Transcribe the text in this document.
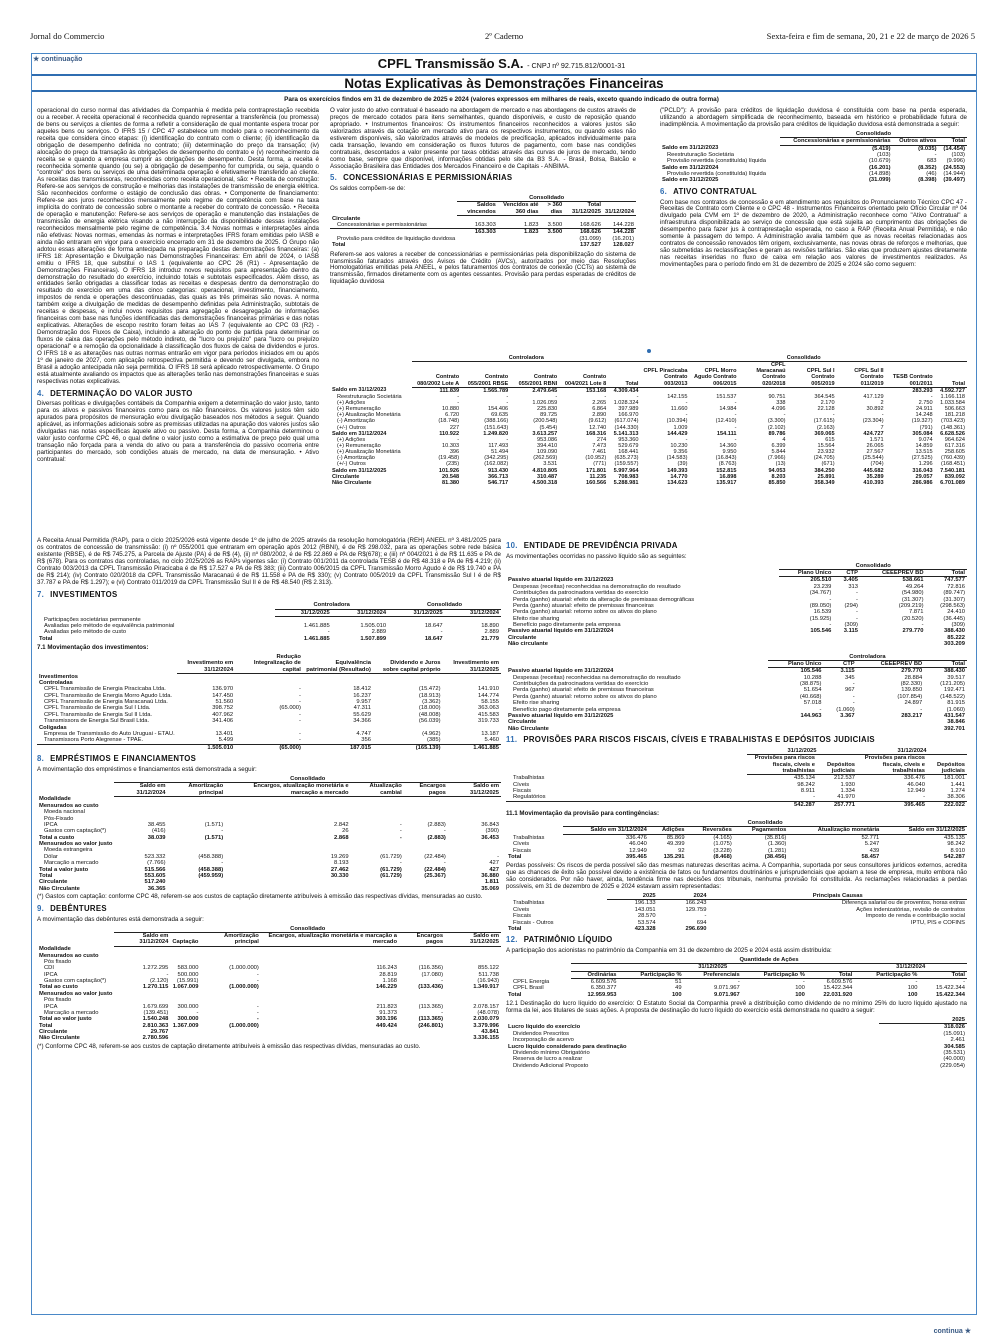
Jornal do Commercio	2º Caderno	Sexta-feira e fim de semana, 20, 21 e 22 de março de 2026 5
★ continuação	CPFL Transmissão S.A. - CNPJ nº 92.715.812/0001-31
Notas Explicativas às Demonstrações Financeiras
Para os exercícios findos em 31 de dezembro de 2025 e 2024 (valores expressos em milhares de reais, exceto quando indicado de outra forma)

operacional do curso normal das atividades da Companhia é medida pela contraprestação recebida ou a receber. A receita operacional é reconhecida quando representar a transferência (ou promessa) de bens ou serviços a clientes de forma a refletir a consideração de qual montante espera trocar por aqueles bens ou serviços. O IFRS 15 / CPC 47 estabelece um modelo para o reconhecimento da receita que considera cinco etapas: (i) identificação do contrato com o cliente; (ii) identificação da obrigação de desempenho definida no contrato; (iii) determinação do preço da transação; (iv) alocação do preço da transação às obrigações de desempenho do contrato e (v) reconhecimento da receita se e quando a empresa cumprir as obrigações de desempenho. Desta forma, a receita é reconhecida somente quando (ou se) a obrigação de desempenho for cumprida, ou seja, quando o "controle" dos bens ou serviços de uma determinada operação é efetivamente transferido ao cliente. As receitas das transmissoras, reconhecidas como receita operacional, são: • Receita de construção: Refere-se aos serviços de construção e melhorias das instalações de transmissão de energia elétrica. São reconhecidos conforme o estágio de conclusão das obras. • Componente de financiamento: Refere-se aos juros reconhecidos mensalmente pelo regime de competência com base na taxa implícita do contrato de concessão sobre o montante a receber do contrato de concessão. • Receita de operação e manutenção: Refere-se aos serviços de operação e manutenção das instalações de transmissão de energia elétrica visando a não interrupção da disponibilidade dessas instalações reconhecidos mensalmente pelo regime de competência. 3.4 Novas normas e interpretações ainda não efetivas: Novas normas, emendas às normas e interpretações IFRS foram emitidas pelo IASB e ainda não entraram em vigor para o exercício encerrado em 31 de dezembro de 2025. O Grupo não adotou essas alterações de forma antecipada na preparação destas demonstrações financeiras: (a) IFRS 18: Apresentação e Divulgação nas Demonstrações Financeiras: Em abril de 2024, o IASB emitiu o IFRS 18, que substitui o IAS 1 (equivalente ao CPC 26 (R1) - Apresentação de Demonstrações Financeiras). O IFRS 18 introduz novos requisitos para apresentação dentro da demonstração do resultado do exercício, incluindo totais e subtotais especificados. Além disso, as entidades serão obrigadas a classificar todas as receitas e despesas dentro da demonstração do resultado do exercício em uma das cinco categorias: operacional, investimento, financiamento, impostos de renda e operações descontinuadas, das quais as três primeiras são novas. A norma também exige a divulgação de medidas de desempenho definidas pela Administração, subtotais de receitas e despesas, e inclui novos requisitos para agregação e desagregação de informações financeiras com base nas funções identificadas das demonstrações financeiras primárias e das notas explicativas. Alterações de escopo restrito foram feitas ao IAS 7 (equivalente ao CPC 03 (R2) - Demonstração dos Fluxos de Caixa), incluindo a alteração do ponto de partida para determinar os fluxos de caixa das operações pelo método indireto, de "lucro ou prejuízo" para "lucro ou prejuízo operacional" e a remoção da opcionalidade à classificação dos fluxos de caixa de dividendos e juros. O IFRS 18 e as alterações nas outras normas entrarão em vigor para períodos iniciados em ou após 1º de janeiro de 2027, com aplicação retrospectiva permitida e devendo ser divulgada, embora no Brasil a adoção antecipada não seja permitida. O IFRS 18 será aplicado retrospectivamente. O Grupo está atualmente avaliando os impactos que as alterações terão nas demonstrações financeiras e suas respectivas notas explicativas.

4. DETERMINAÇÃO DO VALOR JUSTO

Diversas políticas e divulgações contábeis da Companhia exigem a determinação do valor justo, tanto para os ativos e passivos financeiros como para os não financeiros. Os valores justos têm sido apurados para propósitos de mensuração e/ou divulgação baseados nos métodos a seguir. Quando aplicável, as informações adicionais sobre as premissas utilizadas na apuração dos valores justos são divulgadas nas notas específicas àquele ativo ou passivo. Desta forma, a Companhia determinou o valor justo conforme CPC 46, o qual define o valor justo como a estimativa de preço pelo qual uma transação não forçada para a venda do ativo ou para a transferência do passivo ocorreria entre participantes do mercado, sob condições atuais de mercado, na data de mensuração. • Ativo contratual:

O valor justo do ativo contratual é baseado na abordagem de mercado e nas abordagens de custos através de preços de mercado cotados para itens semelhantes, quando disponíveis, e custo de reposição quando apropriado. • Instrumentos financeiros: Os instrumentos financeiros reconhecidos a valores justos são valorizados através da cotação em mercado ativo para os respectivos instrumentos, ou quando estes não estiverem disponíveis, são valorizados através de modelos de precificação, aplicados individualmente para cada transação, levando em consideração os fluxos futuros de pagamento, com base nas condições contratuais, descontados a valor presente por taxas obtidas através das curvas de juros de mercado, tendo como base, sempre que disponível, informações obtidas pelo site da B3 S.A. - Brasil, Bolsa, Balcão e Associação Brasileira das Entidades dos Mercados Financeiro e de Capitais - ANBIMA.

5. CONCESSIONÁRIAS E PERMISSIONÁRIAS

Os saldos compõem-se de:

	Consolidado				
	Saldos vincendos	Vencidos até 360 dias	> 360 dias	Total 31/12/2025	31/12/2024
Circulante					
Concessionárias e permissionárias	163.303	1.823	3.500	168.626	144.228
	163.303	1.823	3.500	168.626	144.228
Provisão para créditos de liquidação duvidosa				(31.099)	(16.201)
Total				137.527	128.027

Referem-se aos valores a receber de concessionárias e permissionárias pela disponibilização do sistema de transmissão faturados através dos Avisos de Crédito (AVCs), autorizados por meio das Resoluções Homologatórias emitidas pela ANEEL, e pelos faturamentos dos contratos de conexão (CCTs) ao sistema de transmissão, firmados diretamente com os agentes cessantes. Provisão para perdas esperadas de créditos de liquidação duvidosa

("PCLD"): A provisão para créditos de liquidação duvidosa é constituída com base na perda esperada, utilizando a abordagem simplificada de reconhecimento, baseada em histórico e probabilidade futura de inadimplência. A movimentação da provisão para créditos de liquidação duvidosa está demonstrada a seguir:

	Consolidado		
	Concessionárias e permissionárias	Outros ativos	Total
Saldo em 31/12/2023	(5.419)	(9.035)	(14.454)
Reestruturação Societária	(103)	-	(103)
Provisão revertida (constituída) líquida	(10.679)	683	(9.996)
Saldo em 31/12/2024	(16.201)	(8.352)	(24.553)
Provisão revertida (constituída) líquida	(14.898)	(46)	(14.944)
Saldo em 31/12/2025	(31.099)	(8.398)	(39.497)
6. ATIVO CONTRATUAL

Com base nos contratos de concessão e em atendimento aos requisitos do Pronunciamento Técnico CPC 47 - Receitas de Contrato com Cliente e o CPC 48 - Instrumentos Financeiros orientado pelo Ofício Circular nº 04 divulgado pela CVM em 1º de dezembro de 2020, a Administração reconhece como "Ativo Contratual" a infraestrutura disponibilizada ao serviço de concessão que está sujeita ao cumprimento das obrigações de desempenho para fazer jus à contraprestação esperada, no caso a RAP (Receita Anual Permitida), e não somente à passagem do tempo. A Administração avalia também que as novas receitas relacionadas aos contratos de concessão renovados têm origem, exclusivamente, nas novas obras de reforços e melhorias, que são submetidas às reclassificações e geram as revisões tarifárias. São elas que produzem ajustes diretamente nas receitas inseridas no fluxo de caixa em relação aos valores de investimentos realizados. As movimentações para o período findo em 31 de dezembro de 2025 e 2024 são como seguem:

	Controladora					Consolidado						
	Contrato 080/2002 Lote A	Contrato 055/2001 RBSE	Contrato 055/2001 RBNI	Contrato 004/2021 Lote 8	Total	CPFL Piracicaba Contrato 003/2013	CPFL Morro Agudo Contrato 006/2015	CPFL Maracanaú Contrato 020/2018	CPFL Sul I Contrato 005/2019	CPFL Sul II Contrato 011/2019	TESB Contrato 001/2011	Total
Saldo em 31/12/2023	111.839	1.565.789	2.479.645	153.168	4.309.434						283.293	4.592.727
Reestruturação Societária	-	-	-	-	-	142.155	151.537	90.751	364.545	417.129	-	1.166.118
(+) Adições	-	-	1.026.059	2.265	1.028.324	-	-	338	2.170	2	2.750	1.033.584
(+) Remuneração	10.880	154.406	225.830	6.864	397.989	11.660	14.984	4.096	22.128	30.892	24.911	506.663
(+) Atualização Monetária	6.720	69.635	89.725	2.890	166.970	-	-	-	-	-	14.248	181.218
(-) Amortização	(18.748)	(388.166)	(200.548)	(9.612)	(617.074)	(10.394)	(12.410)	(3.300)	(17.615)	(23.304)	(19.327)	(703.423)
(+/-) Outros	227	(151.643)	(5.454)	12.740	(144.330)	1.009	-	(2.102)	(2.163)	7	(791)	(148.361)
Saldo em 31/12/2024	110.922	1.249.820	3.613.257	168.316	5.141.313	144.429	154.111	89.786	369.065	424.727	305.084	6.628.526
(+) Adições	-	-	953.086	274	953.360	-	-	4	615	1.571	9.074	964.624
(+) Remuneração	10.303	117.493	394.410	7.473	529.679	10.230	14.360	6.399	15.564	26.065	14.859	617.316
(+) Atualização Monetária	396	51.494	109.090	7.461	168.441	9.356	9.950	5.844	23.932	27.567	13.515	258.605
(-) Amortização	(19.458)	(342.295)	(262.569)	(10.952)	(635.273)	(14.583)	(16.843)	(7.966)	(24.705)	(25.544)	(27.525)	(760.439)
(+/-) Outros	(235)	(162.082)	3.531	(771)	(159.557)	(39)	(8.763)	(13)	(671)	(704)	1.296	(168.451)
Saldo em 31/12/2025	101.926	913.430	4.810.805	171.801	5.997.964	149.393	152.815	94.053	384.250	445.682	316.043	7.540.181
Circulante	20.548	366.713	310.487	11.235	708.983	14.770	16.898	8.203	25.891	35.289	29.057	839.092
Não Circulante	81.380	546.717	4.500.318	160.566	5.288.981	134.623	135.917	85.850	358.349	410.393	286.986	6.701.089

A Receita Anual Permitida (RAP), para o ciclo 2025/2026 está vigente desde 1º de julho de 2025 através da resolução homologatória (REH) ANEEL nº 3.481/2025 para os contratos de concessão de transmissão: (i) nº 055/2001 que entraram em operação após 2012 (RBNI), é de R$ 298.032, para as operações sobre rede básica existente (RBSE), é de R$ 745.275, a Parcela de Ajuste (PA) é de R$ (4), (ii) nº 080/2002, é de R$ 22.869 e PA de R$(678); e (iii) nº 004/2021 é de R$ 11.635 e PA de R$ (678). Para os contratos das controladas, no ciclo 2025/2026 as RAPs vigentes são: (i) Contrato 001/2011 da controlada TESB é de R$ 48.318 e PA de R$ 4.219; (ii) Contrato 003/2013 da CPFL Transmissão Piracicaba é de R$ 17.527 e PA de R$ 383; (iii) Contrato 006/2015 da CPFL Transmissão Morro Agudo é de R$ 19.740 e PA de R$ 214); (iv) Contrato 020/2018 da CPFL Transmissão Maracanaú é de R$ 11.558 e PA de R$ 330); (v) Contrato 005/2019 da CPFL Transmissão Sul I é de R$ 37.787 e PA de R$ 1.297); e (vi) Contrato 011/2019 da CPFL Transmissão Sul II é de R$ 48.540 (R$ 2.313).

7. INVESTIMENTOS
	Controladora		Consolidado	
	31/12/2025	31/12/2024	31/12/2025	31/12/2024
Participações societárias permanente				
Avaliadas pelo método de equivalência patrimonial	1.461.885	1.505.010	18.647	18.890
Avaliadas pelo método de custo	-	2.889	-	2.889
Total	1.461.885	1.507.899	18.647	21.779
7.1 Movimentação dos investimentos:
	Investimento em 31/12/2024	Redução Integralização de capital	Equivalência patrimonial (Resultado)	Dividendo e Juros sobre capital próprio	Investimento em 31/12/2025
Investimentos					
Controladas					
CPFL Transmissão de Energia Piracicaba Ltda.	136.970	-	18.412	(15.472)	141.910
CPFL Transmissão de Energia Morro Agudo Ltda.	147.450	-	16.237	(18.913)	144.774
CPFL Transmissão de Energia Maracanaú Ltda.	51.560	-	9.957	(3.362)	58.155
CPFL Transmissão de Energia Sul I Ltda.	398.752	(65.000)	47.311	(18.000)	363.063
CPFL Transmissão de Energia Sul II Ltda.	407.962	-	55.629	(48.008)	415.583
Transmissora de Energia Sul Brasil Ltda.	341.406	-	34.366	(56.039)	319.733
Coligadas					
Empresa de Transmissão do Auto Uruguai - ETAU.	13.401	-	4.747	(4.962)	13.187
Transmissora Porto Alegrense - TPAE.	5.499	-	356	(385)	5.460
	1.505.010	(65.000)	187.015	(165.139)	1.461.885
8. EMPRÉSTIMOS E FINANCIAMENTOS

A movimentação dos empréstimos e financiamentos está demonstrada a seguir:

	Consolidado					
	Saldo em 31/12/2024	Amortização principal	Encargos, atualização monetária e marcação a mercado	Atualização cambial	Encargos pagos	Saldo em 31/12/2025
Modalidade						
Mensurados ao custo						
Moeda nacional						
Pós-Fixado						
IPCA	38.455	(1.571)	2.842	-	(2.883)	36.843
Gastos com captação(*)	(416)	-	26	-	-	(390)
Total a custo	38.039	(1.571)	2.868	-	(2.883)	36.453
Mensurados ao valor justo						
Moeda estrangeira						
Dólar	523.332	(458.388)	19.269	(61.729)	(22.484)	-
Marcação a mercado	(7.766)	-	8.193	-	-	427
Total a valor justo	515.566	(458.388)	27.462	(61.729)	(22.484)	427
Total	553.605	(459.959)	30.330	(61.729)	(25.367)	36.880
Circulante	517.240					1.811
Não Circulante	36.365					35.069

(*) Gastos com captação: conforme CPC 48, referem-se aos custos de captação diretamente atribuíveis à emissão das respectivas dívidas, mensuradas ao custo.

9. DEBÊNTURES

A movimentação das debêntures está demonstrada a seguir:

	Consolidado					
	Saldo em 31/12/2024	Captação	Amortização principal	Encargos, atualização monetária e marcação a mercado	Encargos pagos	Saldo em 31/12/2025
Modalidade						
Mensurados ao custo						
Pós fixado						
CDI	1.272.295	583.000	(1.000.000)	116.243	(116.356)	855.122
IPCA	-	500.000	-	28.819	(17.080)	511.738
Gastos com captação(*)	(2.120)	(15.991)	-	1.168	-	(16.943)
Total ao custo	1.270.115	1.067.009	(1.000.000)	146.229	(133.436)	1.349.917
Mensurados ao valor justo						
Pós fixado						
IPCA	1.679.699	300.000	-	211.823	(113.365)	2.078.157
Marcação a mercado	(139.451)	-	-	91.373	-	(48.078)
Total ao valor justo	1.540.248	300.000	-	303.196	(113.365)	2.030.079
Total	2.810.363	1.367.009	(1.000.000)	449.424	(246.801)	3.379.996
Circulante	29.767					43.841
Não Circulante	2.780.596					3.336.155

(*) Conforme CPC 48, referem-se aos custos de captação diretamente atribuíveis à emissão das respectivas dívidas, mensuradas ao custo.

10. ENTIDADE DE PREVIDÊNCIA PRIVADA

As movimentações ocorridas no passivo líquido são as seguintes:

	Consolidado			
	Plano Único	CTP	CEEEPREV BD	Total
Passivo atuarial líquido em 31/12/2023	205.510	3.405	538.661	747.577
Despesas (receitas) reconhecidas na demonstração do resultado	23.239	313	49.264	72.816
Contribuições da patrocinadora vertidas do exercício	(34.767)	-	(54.980)	(89.747)
Perda (ganho) atuarial: efeito da alteração de premissas demográficas	-	-	(31.307)	(31.307)
Perda (ganho) atuarial: efeito de premissas financeiras	(89.050)	(294)	(209.219)	(298.563)
Perda (ganho) atuarial: retorno sobre os ativos do plano	16.539	-	7.871	24.410
Efeito rise sharing	(15.925)	-	(20.520)	(36.445)
Benefício pago diretamente pela empresa	-	(309)	-	(309)
Passivo atuarial líquido em 31/12/2024	105.546	3.115	279.770	388.430
Circulante				85.222
Não circulante				303.209
	Controladora			
	Plano Único	CTP	CEEEPREV BD	Total
Passivo atuarial líquido em 31/12/2024	105.546	3.115	279.770	388.430
Despesas (receitas) reconhecidas na demonstração do resultado	10.288	345	28.884	39.517
Contribuições da patrocinadora vertidas do exercício	(38.875)	-	(82.330)	(121.205)
Perda (ganho) atuarial: efeito de premissas financeiras	51.654	967	139.850	192.471
Perda (ganho) atuarial: retorno sobre os ativos do plano	(40.668)	-	(107.854)	(148.522)
Efeito rise sharing	57.018	-	24.897	81.915
Benefício pago diretamente pela empresa	-	(1.060)	-	(1.060)
Passivo atuarial líquido em 31/12/2025	144.963	3.367	283.217	431.547
Circulante				38.846
Não Circulante				392.701
11. PROVISÕES PARA RISCOS FISCAIS, CÍVEIS E TRABALHISTAS E DEPÓSITOS JUDICIAIS
	31/12/2025		31/12/2024	
	Provisões para riscos fiscais, cíveis e trabalhistas	Depósitos judiciais	Provisões para riscos fiscais, cíveis e trabalhistas	Depósitos judiciais
Trabalhistas	435.134	212.537	336.476	181.001
Cíveis	98.242	1.930	46.040	1.441
Fiscais	8.911	1.334	12.949	1.274
Regulatórios	-	41.970	-	38.306
	542.287	257.771	395.465	222.022
11.1 Movimentação da provisão para contingências:
	Consolidado					
	Saldo em 31/12/2024	Adições	Reversões	Pagamentos	Atualização monetária	Saldo em 31/12/2025
Trabalhistas	336.476	85.869	(4.165)	(35.816)	52.771	435.135
Cíveis	46.040	49.399	(1.075)	(1.360)	5.247	98.242
Fiscais	12.949	92	(3.228)	(1.281)	439	8.910
Total	395.465	135.291	(8.468)	(38.456)	58.457	542.287

Perdas possíveis: Os riscos de perda possível são das mesmas naturezas descritas acima. A Companhia, suportada por seus consultores jurídicos externos, acredita que as chances de êxito são possível devido a existência de fatos ou fundamentos doutrinários e jurisprudenciais que apoiam a tese de empresa, muito embora não são considerados. Por não haver, ainda, tendência firme nas decisões dos tribunais, nenhuma provisão foi constituída. As reclamações relacionadas a perdas possíveis, em 31 de dezembro de 2025 e 2024 estavam assim representadas:

	2025	2024	Principais Causas
Trabalhistas	196.133	166.243	Diferença salarial ou de proventos, horas extras
Cíveis	143.051	129.759	Ações indenizatórias, revisão de contratos
Fiscais	28.570	-	Imposto de renda e contribuição social
Fiscais - Outros	53.574	694	IPTU, PIS e COFINS
Total	423.328	296.690	
12. PATRIMÔNIO LÍQUIDO

A participação dos acionistas no patrimônio da Companhia em 31 de dezembro de 2025 e 2024 está assim distribuída:

	Quantidade de Ações						
	31/12/2025					31/12/2024	
	Ordinárias	Participação %	Preferenciais	Participação %	Total	Participação %	Total
CPFL Energia	6.609.576	51	-	-	6.609.576	-	-
CPFL Brasil	6.350.377	49	9.071.967	100	15.422.344	100	15.422.344
Total	12.959.953	100	9.071.967	100	22.031.920	100	15.422.344

12.1 Destinação do lucro líquido do exercício: O Estatuto Social da Companhia prevê a distribuição como dividendo de no mínimo 25% do lucro líquido ajustado na forma da lei, aos titulares de suas ações. A proposta de destinação do lucro líquido do exercício está demonstrada no quadro a seguir:

	2025
Lucro líquido do exercício	318.026
Dividendos Prescritos	(15.091)
Incorporação de acervo	2.461
Lucro líquido considerado para destinação	304.585
Dividendo mínimo Obrigatório	(35.531)
Reserva de lucro a realizar	(40.000)
Dividendo Adicional Proposto	(229.054)
continua ★
